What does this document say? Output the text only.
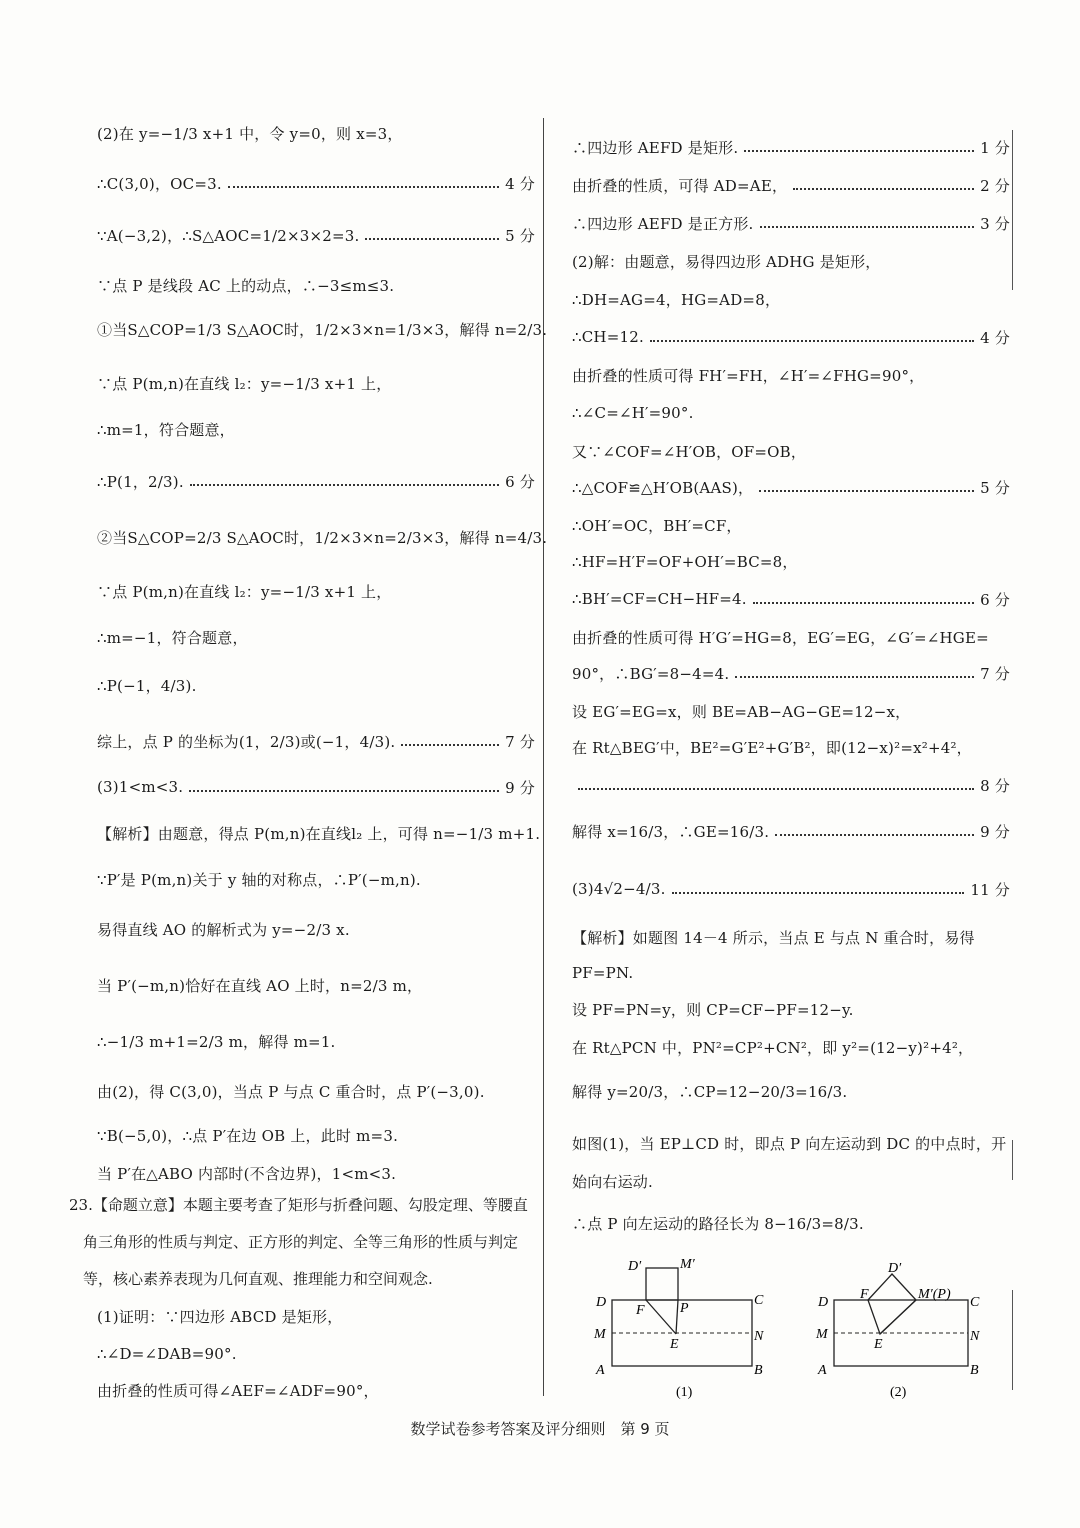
(2)在 y=−1/3 x+1 中，令 y=0，则 x=3，
∴C(3,0)，OC=3.	4 分
∵A(−3,2)，∴S△AOC=1/2×3×2=3.	5 分
∵点 P 是线段 AC 上的动点，∴−3≤m≤3.
①当S△COP=1/3 S△AOC时，1/2×3×n=1/3×3，解得 n=2/3.
∵点 P(m,n)在直线 l₂：y=−1/3 x+1 上，
∴m=1，符合题意，
∴P(1，2/3).	6 分
②当S△COP=2/3 S△AOC时，1/2×3×n=2/3×3，解得 n=4/3.
∵点 P(m,n)在直线 l₂：y=−1/3 x+1 上，
∴m=−1，符合题意，
∴P(−1，4/3).
综上，点 P 的坐标为(1，2/3)或(−1，4/3).	7 分
(3)1<m<3.	9 分
【解析】由题意，得点 P(m,n)在直线l₂ 上，可得 n=−1/3 m+1.
∵P′是 P(m,n)关于 y 轴的对称点，∴P′(−m,n).
易得直线 AO 的解析式为 y=−2/3 x.
当 P′(−m,n)恰好在直线 AO 上时，n=2/3 m，
∴−1/3 m+1=2/3 m，解得 m=1.
由(2)，得 C(3,0)，当点 P 与点 C 重合时，点 P′(−3,0).
∵B(−5,0)，∴点 P′在边 OB 上，此时 m=3.
当 P′在△ABO 内部时(不含边界)，1<m<3.
∴四边形 AEFD 是矩形.	1 分
由折叠的性质，可得 AD=AE，	2 分
∴四边形 AEFD 是正方形.	3 分
(2)解：由题意，易得四边形 ADHG 是矩形，
∴DH=AG=4，HG=AD=8，
∴CH=12.	4 分
由折叠的性质可得 FH′=FH，∠H′=∠FHG=90°，
∴∠C=∠H′=90°.
又∵∠COF=∠H′OB，OF=OB，
∴△COF≌△H′OB(AAS)，	5 分
∴OH′=OC，BH′=CF，
∴HF=H′F=OF+OH′=BC=8，
∴BH′=CF=CH−HF=4.	6 分
由折叠的性质可得 H′G′=HG=8，EG′=EG，∠G′=∠HGE=
90°，∴BG′=8−4=4.	7 分
设 EG′=EG=x，则 BE=AB−AG−GE=12−x，
在 Rt△BEG′中，BE²=G′E²+G′B²，即(12−x)²=x²+4²，
8 分
解得 x=16/3，∴GE=16/3.	9 分
(3)4√2−4/3.	11 分
【解析】如题图 14－4 所示，当点 E 与点 N 重合时，易得
PF=PN.
设 PF=PN=y，则 CP=CF−PF=12−y.
在 Rt△PCN 中，PN²=CP²+CN²，即 y²=(12−y)²+4²，
解得 y=20/3，∴CP=12−20/3=16/3.
如图(1)，当 EP⊥CD 时，即点 P 向左运动到 DC 的中点时，开
始向右运动.
∴点 P 向左运动的路径长为 8−16/3=8/3.
23.【命题立意】本题主要考查了矩形与折叠问题、勾股定理、等腰直角三角形的性质与判定、正方形的判定、全等三角形的性质与判定等，核心素养表现为几何直观、推理能力和空间观念.
(1)证明：∵四边形 ABCD 是矩形，
∴∠D=∠DAB=90°.
由折叠的性质可得∠AEF=∠ADF=90°，
D′	M′
D
F	P
C
M	N
E
A	B
(1)
D′
F	M′(P)
D	C
M	N
E
A	B
(2)
数学试卷参考答案及评分细则　第 9 页
